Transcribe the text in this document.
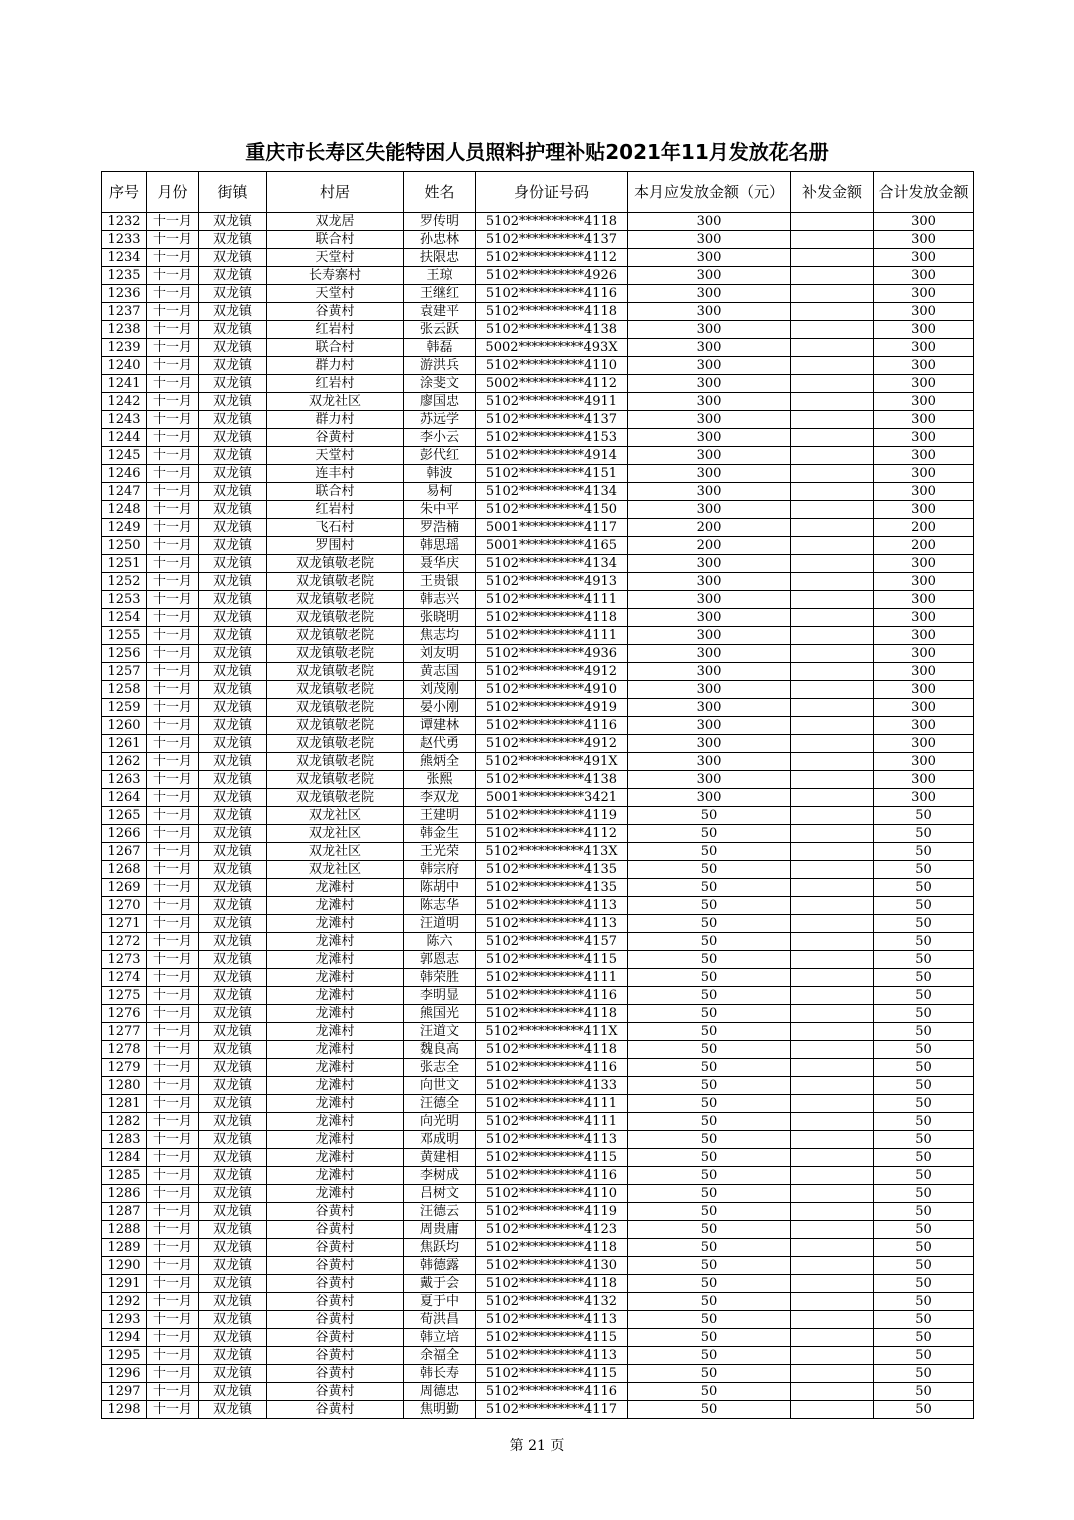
重庆市长寿区失能特困人员照料护理补贴2021年11月发放花名册
序号	月份	街镇	村居	姓名	身份证号码	本月应发放金额（元）	补发金额	合计发放金额
1232	十一月	双龙镇	双龙居	罗传明	5102**********4118	300		300
1233	十一月	双龙镇	联合村	孙忠林	5102**********4137	300		300
1234	十一月	双龙镇	天堂村	扶限忠	5102**********4112	300		300
1235	十一月	双龙镇	长寿寨村	王琼	5102**********4926	300		300
1236	十一月	双龙镇	天堂村	王继红	5102**********4116	300		300
1237	十一月	双龙镇	谷黄村	袁建平	5102**********4118	300		300
1238	十一月	双龙镇	红岩村	张云跃	5102**********4138	300		300
1239	十一月	双龙镇	联合村	韩磊	5002**********493X	300		300
1240	十一月	双龙镇	群力村	游洪兵	5102**********4110	300		300
1241	十一月	双龙镇	红岩村	涂斐文	5002**********4112	300		300
1242	十一月	双龙镇	双龙社区	廖国忠	5102**********4911	300		300
1243	十一月	双龙镇	群力村	苏远学	5102**********4137	300		300
1244	十一月	双龙镇	谷黄村	李小云	5102**********4153	300		300
1245	十一月	双龙镇	天堂村	彭代红	5102**********4914	300		300
1246	十一月	双龙镇	连丰村	韩波	5102**********4151	300		300
1247	十一月	双龙镇	联合村	易柯	5102**********4134	300		300
1248	十一月	双龙镇	红岩村	朱中平	5102**********4150	300		300
1249	十一月	双龙镇	飞石村	罗浩楠	5001**********4117	200		200
1250	十一月	双龙镇	罗围村	韩思瑶	5001**********4165	200		200
1251	十一月	双龙镇	双龙镇敬老院	聂华庆	5102**********4134	300		300
1252	十一月	双龙镇	双龙镇敬老院	王贵银	5102**********4913	300		300
1253	十一月	双龙镇	双龙镇敬老院	韩志兴	5102**********4111	300		300
1254	十一月	双龙镇	双龙镇敬老院	张晓明	5102**********4118	300		300
1255	十一月	双龙镇	双龙镇敬老院	焦志均	5102**********4111	300		300
1256	十一月	双龙镇	双龙镇敬老院	刘友明	5102**********4936	300		300
1257	十一月	双龙镇	双龙镇敬老院	黄志国	5102**********4912	300		300
1258	十一月	双龙镇	双龙镇敬老院	刘茂刚	5102**********4910	300		300
1259	十一月	双龙镇	双龙镇敬老院	晏小刚	5102**********4919	300		300
1260	十一月	双龙镇	双龙镇敬老院	谭建林	5102**********4116	300		300
1261	十一月	双龙镇	双龙镇敬老院	赵代勇	5102**********4912	300		300
1262	十一月	双龙镇	双龙镇敬老院	熊炳全	5102**********491X	300		300
1263	十一月	双龙镇	双龙镇敬老院	张熙	5102**********4138	300		300
1264	十一月	双龙镇	双龙镇敬老院	李双龙	5001**********3421	300		300
1265	十一月	双龙镇	双龙社区	王建明	5102**********4119	50		50
1266	十一月	双龙镇	双龙社区	韩金生	5102**********4112	50		50
1267	十一月	双龙镇	双龙社区	王光荣	5102**********413X	50		50
1268	十一月	双龙镇	双龙社区	韩宗府	5102**********4135	50		50
1269	十一月	双龙镇	龙滩村	陈胡中	5102**********4135	50		50
1270	十一月	双龙镇	龙滩村	陈志华	5102**********4113	50		50
1271	十一月	双龙镇	龙滩村	汪道明	5102**********4113	50		50
1272	十一月	双龙镇	龙滩村	陈六	5102**********4157	50		50
1273	十一月	双龙镇	龙滩村	郭恩志	5102**********4115	50		50
1274	十一月	双龙镇	龙滩村	韩荣胜	5102**********4111	50		50
1275	十一月	双龙镇	龙滩村	李明显	5102**********4116	50		50
1276	十一月	双龙镇	龙滩村	熊国光	5102**********4118	50		50
1277	十一月	双龙镇	龙滩村	汪道文	5102**********411X	50		50
1278	十一月	双龙镇	龙滩村	魏良高	5102**********4118	50		50
1279	十一月	双龙镇	龙滩村	张志全	5102**********4116	50		50
1280	十一月	双龙镇	龙滩村	向世文	5102**********4133	50		50
1281	十一月	双龙镇	龙滩村	汪德全	5102**********4111	50		50
1282	十一月	双龙镇	龙滩村	向光明	5102**********4111	50		50
1283	十一月	双龙镇	龙滩村	邓成明	5102**********4113	50		50
1284	十一月	双龙镇	龙滩村	黄建相	5102**********4115	50		50
1285	十一月	双龙镇	龙滩村	李树成	5102**********4116	50		50
1286	十一月	双龙镇	龙滩村	吕树文	5102**********4110	50		50
1287	十一月	双龙镇	谷黄村	汪德云	5102**********4119	50		50
1288	十一月	双龙镇	谷黄村	周贵庸	5102**********4123	50		50
1289	十一月	双龙镇	谷黄村	焦跃均	5102**********4118	50		50
1290	十一月	双龙镇	谷黄村	韩德露	5102**********4130	50		50
1291	十一月	双龙镇	谷黄村	戴于会	5102**********4118	50		50
1292	十一月	双龙镇	谷黄村	夏于中	5102**********4132	50		50
1293	十一月	双龙镇	谷黄村	荀洪昌	5102**********4113	50		50
1294	十一月	双龙镇	谷黄村	韩立培	5102**********4115	50		50
1295	十一月	双龙镇	谷黄村	余福全	5102**********4113	50		50
1296	十一月	双龙镇	谷黄村	韩长寿	5102**********4115	50		50
1297	十一月	双龙镇	谷黄村	周德忠	5102**********4116	50		50
1298	十一月	双龙镇	谷黄村	焦明勤	5102**********4117	50		50
第 21 页
